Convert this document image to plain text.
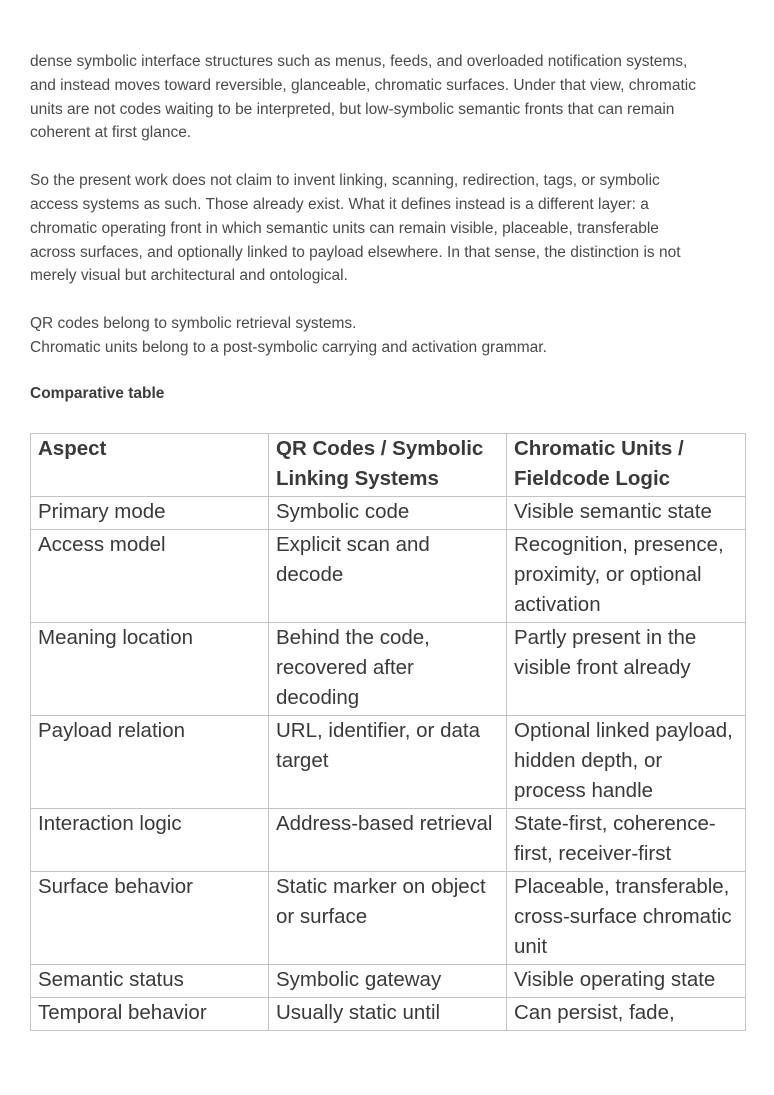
dense symbolic interface structures such as menus, feeds, and overloaded notification systems,
and instead moves toward reversible, glanceable, chromatic surfaces. Under that view, chromatic
units are not codes waiting to be interpreted, but low-symbolic semantic fronts that can remain
coherent at first glance.

So the present work does not claim to invent linking, scanning, redirection, tags, or symbolic
access systems as such. Those already exist. What it defines instead is a different layer: a
chromatic operating front in which semantic units can remain visible, placeable, transferable
across surfaces, and optionally linked to payload elsewhere. In that sense, the distinction is not
merely visual but architectural and ontological.

QR codes belong to symbolic retrieval systems.
Chromatic units belong to a post-symbolic carrying and activation grammar.

Comparative table

Aspect	QR Codes / Symbolic Linking Systems	Chromatic Units / Fieldcode Logic
Primary mode	Symbolic code	Visible semantic state
Access model	Explicit scan and decode	Recognition, presence, proximity, or optional activation
Meaning location	Behind the code, recovered after decoding	Partly present in the visible front already
Payload relation	URL, identifier, or data target	Optional linked payload, hidden depth, or process handle
Interaction logic	Address-based retrieval	State-first, coherence-first, receiver-first
Surface behavior	Static marker on object or surface	Placeable, transferable, cross-surface chromatic unit
Semantic status	Symbolic gateway	Visible operating state
Temporal behavior	Usually static until	Can persist, fade,
